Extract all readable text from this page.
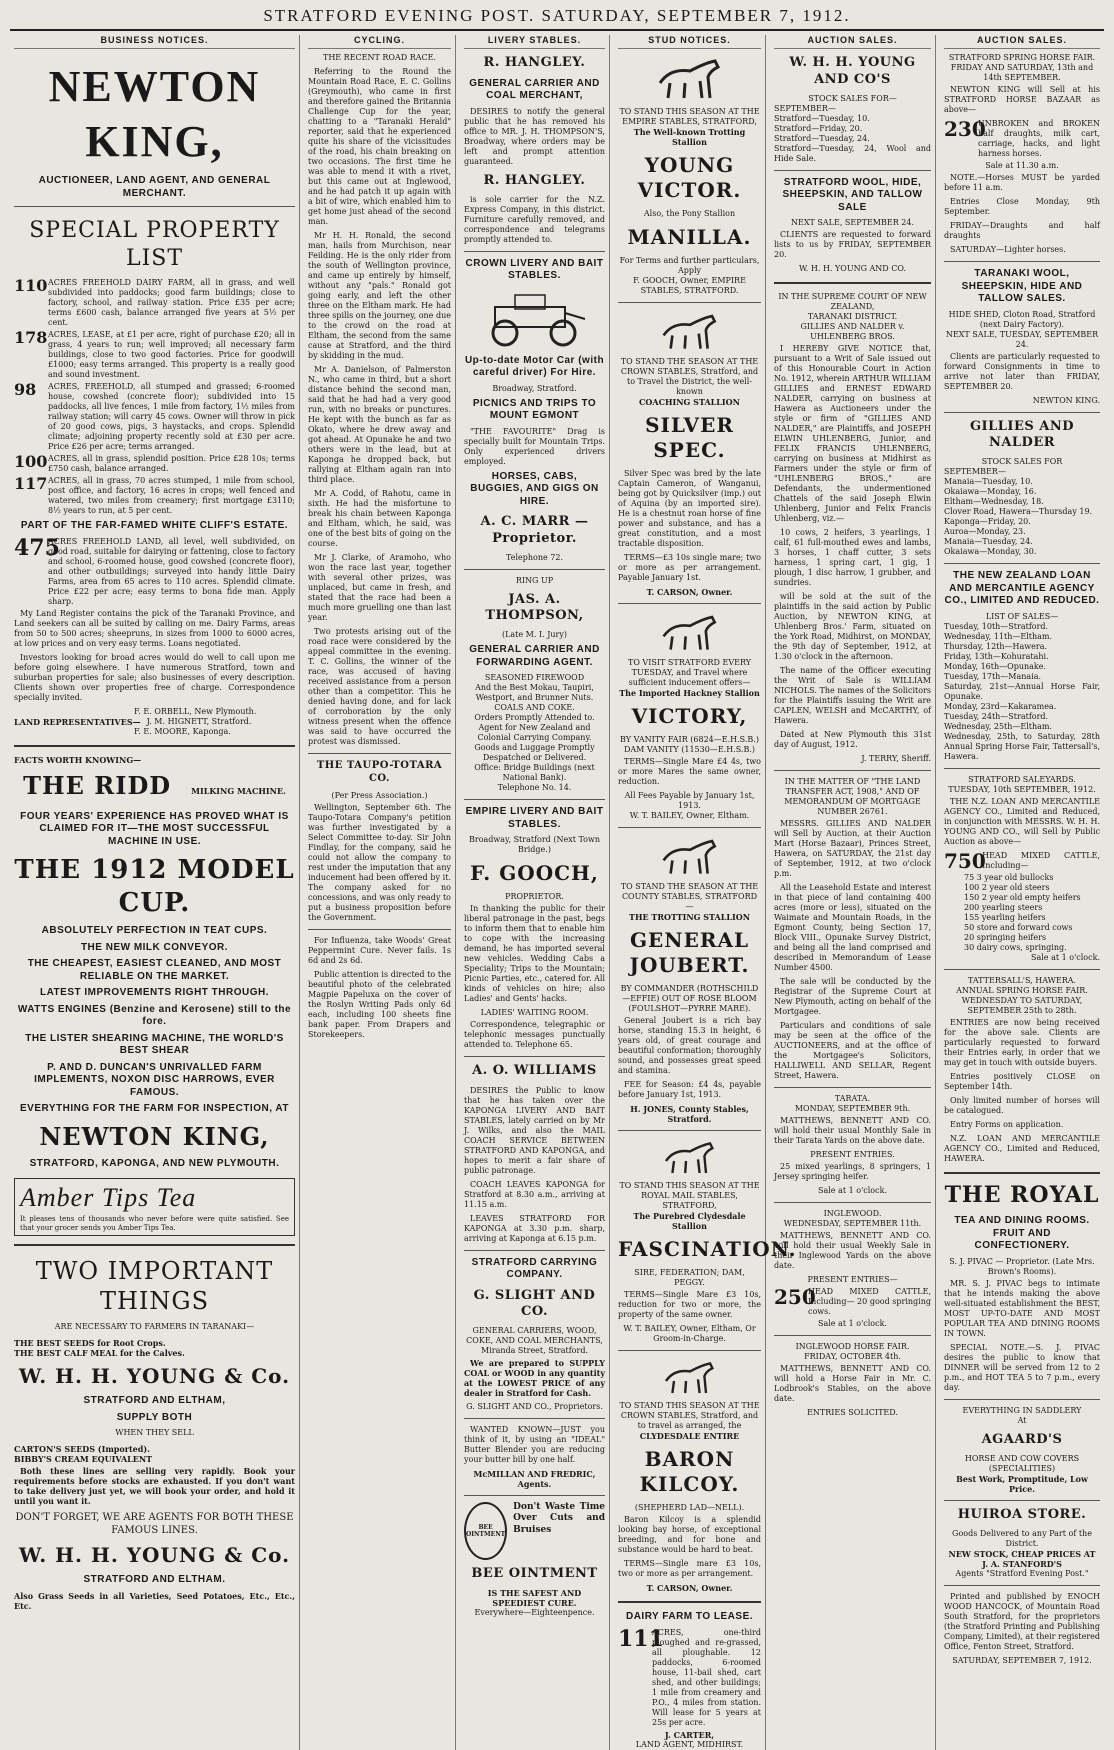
STRATFORD EVENING POST. SATURDAY, SEPTEMBER 7, 1912.
BUSINESS NOTICES.
NEWTON KING,
AUCTIONEER, LAND AGENT, AND GENERAL MERCHANT.
SPECIAL PROPERTY LIST
110 ACRES FREEHOLD DAIRY FARM, all in grass, and well subdivided into paddocks; good farm buildings; close to factory, school, and railway station. Price £35 per acre; terms £600 cash, balance arranged five years at 5½ per cent.
178 ACRES, LEASE, at £1 per acre, right of purchase £20; all in grass, 4 years to run; well improved; all necessary farm buildings, close to two good factories. Price for goodwill £1000; easy terms arranged. This property is a really good and sound investment.
98	ACRES, FREEHOLD, all stumped and grassed; 6-roomed house, cowshed (concrete floor); subdivided into 15 paddocks, all live fences, 1 mile from factory, 1½ miles from railway station; will carry 45 cows. Owner will throw in pick of 20 good cows, pigs, 3 haystacks, and crops. Splendid climate; adjoining property recently sold at £30 per acre. Price £26 per acre; terms arranged.
100 ACRES, all in grass, splendid position. Price £28 10s; terms £750 cash, balance arranged.
117 ACRES, all in grass, 70 acres stumped, 1 mile from school, post office, and factory, 16 acres in crops; well fenced and watered, two miles from creamery; first mortgage £3110; 8½ years to run, at 5 per cent.
PART OF THE FAR-FAMED WHITE CLIFF'S ESTATE.
475
ACRES FREEHOLD LAND, all level, well subdivided, on good road, suitable for dairying or fattening, close to factory and school, 6-roomed house, good cowshed (concrete floor), and other outbuildings; surveyed into handy little Dairy Farms, area from 65 acres to 110 acres. Splendid climate. Price £22 per acre; easy terms to bona fide man. Apply sharp.
My Land Register contains the pick of the Taranaki Province, and Land seekers can all be suited by calling on me. Dairy Farms, areas from 50 to 500 acres; sheepruns, in sizes from 1000 to 6000 acres, at low prices and on very easy terms. Loans negotiated.
Investors looking for broad acres would do well to call upon me before going elsewhere. I have numerous Stratford, town and suburban properties for sale; also businesses of every description. Clients shown over properties free of charge. Correspondence specially invited.
F. E. ORBELL, New Plymouth.
LAND REPRESENTATIVES— J. M. HIGNETT, Stratford.
F. E. MOORE, Kaponga.
FACTS WORTH KNOWING—
THE RIDD	MILKING MACHINE.
FOUR YEARS' EXPERIENCE HAS PROVED WHAT IS CLAIMED FOR IT—THE MOST SUCCESSFUL MACHINE IN USE.
THE 1912 MODEL CUP.
ABSOLUTELY PERFECTION IN TEAT CUPS.
THE NEW MILK CONVEYOR.
THE CHEAPEST, EASIEST CLEANED, AND MOST RELIABLE ON THE MARKET.
LATEST IMPROVEMENTS RIGHT THROUGH.
WATTS ENGINES (Benzine and Kerosene) still to the fore.
THE LISTER SHEARING MACHINE, THE WORLD'S BEST SHEAR
P. AND D. DUNCAN'S UNRIVALLED FARM IMPLEMENTS, NOXON DISC HARROWS, EVER FAMOUS.
EVERYTHING FOR THE FARM FOR INSPECTION, AT
NEWTON KING,
STRATFORD, KAPONGA, AND NEW PLYMOUTH.
Amber Tips Tea
It pleases tens of thousands who never before were quite satisfied. See that your grocer sends you Amber Tips Tea.
TWO IMPORTANT THINGS
ARE NECESSARY TO FARMERS IN TARANAKI—
THE BEST SEEDS for Root Crops.
THE BEST CALF MEAL for the Calves.
W. H. H. YOUNG & Co.
STRATFORD AND ELTHAM,
SUPPLY BOTH
WHEN THEY SELL
CARTON'S SEEDS (Imported).
BIBBY'S CREAM EQUIVALENT
Both these lines are selling very rapidly. Book your requirements before stocks are exhausted. If you don't want to take delivery just yet, we will book your order, and hold it until you want it.
DON'T FORGET, WE ARE AGENTS FOR BOTH THESE FAMOUS LINES.
W. H. H. YOUNG & Co.
STRATFORD AND ELTHAM.
Also Grass Seeds in all Varieties, Seed Potatoes, Etc., Etc., Etc.
CYCLING.
THE RECENT ROAD RACE.
Referring to the Round the Mountain Road Race, E. C. Gollins (Greymouth), who came in first and therefore gained the Britannia Challenge Cup for the year, chatting to a "Taranaki Herald" reporter, said that he experienced quite his share of the vicissitudes of the road, his chain breaking on two occasions. The first time he was able to mend it with a rivet, but this came out at Inglewood, and he had patch it up again with a bit of wire, which enabled him to get home just ahead of the second man.
Mr H. H. Ronald, the second man, hails from Murchison, near Feilding. He is the only rider from the south of Wellington province, and came up entirely by himself, without any "pals." Ronald got going early, and left the other three on the Eltham mark. He had three spills on the journey, one due to the crowd on the road at Eltham, the second from the same cause at Stratford, and the third by skidding in the mud.
Mr A. Danielson, of Palmerston N., who came in third, but a short distance behind the second man, said that he had had a very good run, with no breaks or punctures. He kept with the bunch as far as Okato, where he drew away and got ahead. At Opunake he and two others were in the lead, but at Kaponga he dropped back, but rallying at Eltham again ran into third place.
Mr A. Codd, of Rahotu, came in sixth. He had the misfortune to break his chain between Kaponga and Eltham, which, he said, was one of the best bits of going on the course.
Mr J. Clarke, of Aramoho, who won the race last year, together with several other prizes, was unplaced, but came in fresh, and stated that the race had been a much more gruelling one than last year.
Two protests arising out of the road race were considered by the appeal committee in the evening. T. C. Gollins, the winner of the race, was accused of having received assistance from a person other than a competitor. This he denied having done, and for lack of corroboration by the only witness present when the offence was said to have occurred the protest was dismissed.
THE TAUPO-TOTARA CO.
(Per Press Association.)
Wellington, September 6th. The Taupo-Totara Company's petition was further investigated by a Select Committee to-day. Sir John Findlay, for the company, said he could not allow the company to rest under the imputation that any inducement had been offered by it. The company asked for no concessions, and was only ready to put a business proposition before the Government.
For Influenza, take Woods' Great Peppermint Cure. Never fails. 1s 6d and 2s 6d.
Public attention is directed to the beautiful photo of the celebrated Magpie Papeluxa on the cover of the Roslyn Writing Pads only 6d each, including 100 sheets fine bank paper. From Drapers and Storekeepers.
LIVERY STABLES.
R. HANGLEY.
GENERAL CARRIER AND COAL MERCHANT,
DESIRES to notify the general public that he has removed his office to MR. J. H. THOMPSON'S, Broadway, where orders may be left and prompt attention guaranteed.
R. HANGLEY.
is sole carrier for the N.Z. Express Company, in this district. Furniture carefully removed, and correspondence and telegrams promptly attended to.
CROWN LIVERY AND BAIT STABLES.
Up-to-date Motor Car (with careful driver) For Hire.
Broadway, Stratford.
PICNICS AND TRIPS TO MOUNT EGMONT
"THE FAVOURITE" Drag is specially built for Mountain Trips. Only experienced drivers employed.
HORSES, CABS, BUGGIES, AND GIGS ON HIRE.
A. C. MARR — Proprietor.
Telephone 72.
RING UP
JAS. A. THOMPSON,
(Late M. I. Jury)
GENERAL CARRIER AND FORWARDING AGENT.
SEASONED FIREWOOD
And the Best Mokau, Taupiri, Westport, and Brunner Nuts.
COALS AND COKE.
Orders Promptly Attended to.
Agent for New Zealand and Colonial Carrying Company.
Goods and Luggage Promptly Despatched or Delivered.
Office: Bridge Buildings (next National Bank).
Telephone No. 14.
EMPIRE LIVERY AND BAIT STABLES.
Broadway, Stratford (Next Town Bridge.)
F. GOOCH,
PROPRIETOR.
In thanking the public for their liberal patronage in the past, begs to inform them that to enable him to cope with the increasing demand, he has imported several new vehicles. Wedding Cabs a Speciality; Trips to the Mountain; Picnic Parties, etc., catered for. All kinds of vehicles on hire; also Ladies' and Gents' hacks.
LADIES' WAITING ROOM.
Correspondence, telegraphic or telephonic messages punctually attended to. Telephone 65.
A. O. WILLIAMS
DESIRES the Public to know that he has taken over the KAPONGA LIVERY AND BAIT STABLES, lately carried on by Mr J. Wilks, and also the MAIL COACH SERVICE BETWEEN STRATFORD AND KAPONGA, and hopes to merit a fair share of public patronage.
COACH LEAVES KAPONGA for Stratford at 8.30 a.m., arriving at 11.15 a.m.
LEAVES STRATFORD FOR KAPONGA at 3.30 p.m. sharp, arriving at Kaponga at 6.15 p.m.
STRATFORD CARRYING COMPANY.
G. SLIGHT AND CO.
GENERAL CARRIERS, WOOD, COKE, AND COAL MERCHANTS,
Miranda Street, Stratford.
We are prepared to SUPPLY COAL or WOOD in any quantity at the LOWEST PRICE of any dealer in Stratford for Cash.
G. SLIGHT AND CO., Proprietors.
WANTED KNOWN—JUST you think of it, by using an "IDEAL" Butter Blender you are reducing your butter bill by one half.
McMILLAN AND FREDRIC, Agents.
BEE OINTMENT
Don't Waste Time Over Cuts and Bruises
BEE OINTMENT
IS THE SAFEST AND SPEEDIEST CURE.
Everywhere—Eighteenpence.
STUD NOTICES.
TO STAND THIS SEASON AT THE EMPIRE STABLES, STRATFORD,
The Well-known Trotting Stallion
YOUNG VICTOR.
Also, the Pony Stallion
MANILLA.
For Terms and further particulars, Apply
F. GOOCH, Owner, EMPIRE STABLES, STRATFORD.
TO STAND THE SEASON AT THE CROWN STABLES, Stratford, and to Travel the District, the well-known
COACHING STALLION
SILVER SPEC.
Silver Spec was bred by the late Captain Cameron, of Wanganui, being got by Quicksilver (imp.) out of Aquina (by an imported sire). He is a chestnut roan horse of fine power and substance, and has a great constitution, and a most tractable disposition.
TERMS—£3 10s single mare; two or more as per arrangement. Payable January 1st.
T. CARSON, Owner.
TO VISIT STRATFORD EVERY TUESDAY, and Travel where sufficient inducement offers—
The Imported Hackney Stallion
VICTORY,
BY VANITY FAIR (6824—E.H.S.B.) DAM VANITY (11530—E.H.S.B.)
TERMS—Single Mare £4 4s, two or more Mares the same owner, reduction.
All Fees Payable by January 1st, 1913.
W. T. BAILEY, Owner, Eltham.
TO STAND THE SEASON AT THE COUNTY STABLES, STRATFORD—
THE TROTTING STALLION
GENERAL JOUBERT.
BY COMMANDER (ROTHSCHILD—EFFIE) OUT OF ROSE BLOOM (FOULSHOT—PYRRE MARE).
General Joubert is a rich bay horse, standing 15.3 in height, 6 years old, of great courage and beautiful conformation; thoroughly sound, and possesses great speed and stamina.
FEE for Season: £4 4s, payable before January 1st, 1913.
H. JONES, County Stables, Stratford.
TO STAND THIS SEASON AT THE ROYAL MAIL STABLES, STRATFORD,
The Purebred Clydesdale Stallion
FASCINATION.
SIRE, FEDERATION; DAM, PEGGY.
TERMS—Single Mare £3 10s, reduction for two or more, the property of the same owner.
W. T. BAILEY, Owner, Eltham, Or Groom-in-Charge.
TO STAND THIS SEASON AT THE CROWN STABLES, Stratford, and to travel as arranged, the
CLYDESDALE ENTIRE
BARON KILCOY.
(SHEPHERD LAD—NELL).
Baron Kilcoy is a splendid looking bay horse, of exceptional breeding, and for bone and substance would be hard to beat.
TERMS—Single mare £3 10s, two or more as per arrangement.
T. CARSON, Owner.
DAIRY FARM TO LEASE.
111
ACRES, one-third ploughed and re-grassed, all ploughable. 12 paddocks, 6-roomed house, 11-bail shed, cart shed, and other buildings; 1 mile from creamery and P.O., 4 miles from station. Will lease for 5 years at 25s per acre.
J. CARTER,
LAND AGENT, MIDHIRST.
AUCTION SALES.
W. H. H. YOUNG AND CO'S
STOCK SALES FOR—
SEPTEMBER—
Stratford—Tuesday, 10.
Stratford—Friday, 20.
Stratford—Tuesday, 24.
Stratford—Tuesday, 24, Wool and Hide Sale.
STRATFORD WOOL, HIDE, SHEEPSKIN, AND TALLOW SALE
NEXT SALE, SEPTEMBER 24.
CLIENTS are requested to forward lists to us by FRIDAY, SEPTEMBER 20.
W. H. H. YOUNG AND CO.
IN THE SUPREME COURT OF NEW ZEALAND,
TARANAKI DISTRICT.
GILLIES AND NALDER v. UHLENBERG BROS.
I HEREBY GIVE NOTICE that, pursuant to a Writ of Sale issued out of this Honourable Court in Action No. 1912, wherein ARTHUR WILLIAM GILLIES and ERNEST EDWARD NALDER, carrying on business at Hawera as Auctioneers under the style or firm of "GILLIES AND NALDER," are Plaintiffs, and JOSEPH ELWIN UHLENBERG, Junior, and FELIX FRANCIS UHLENBERG, carrying on business at Midhirst as Farmers under the style or firm of "UHLENBERG BROS.," are Defendants, the undermentioned Chattels of the said Joseph Elwin Uhlenberg, Junior and Felix Francis Uhlenberg, viz.—
10 cows, 2 heifers, 3 yearlings, 1 calf, 61 full-mouthed ewes and lambs, 3 horses, 1 chaff cutter, 3 sets harness, 1 spring cart, 1 gig, 1 plough, 1 disc harrow, 1 grubber, and sundries.
will be sold at the suit of the plaintiffs in the said action by Public Auction, by NEWTON KING, at Uhlenberg Bros.' Farm, situated on the York Road, Midhirst, on MONDAY, the 9th day of September, 1912, at 1.30 o'clock in the afternoon.
The name of the Officer executing the Writ of Sale is WILLIAM NICHOLS. The names of the Solicitors for the Plaintiffs issuing the Writ are CAPLEN, WELSH and McCARTHY, of Hawera.
Dated at New Plymouth this 31st day of August, 1912.
J. TERRY, Sheriff.
IN THE MATTER OF "THE LAND TRANSFER ACT, 1908," AND OF MEMORANDUM OF MORTGAGE NUMBER 26761.
MESSRS. GILLIES AND NALDER will Sell by Auction, at their Auction Mart (Horse Bazaar), Princes Street, Hawera, on SATURDAY, the 21st day of September, 1912, at two o'clock p.m.
All the Leasehold Estate and interest in that piece of land containing 400 acres (more or less), situated on the Waimate and Mountain Roads, in the Egmont County, being Section 17, Block VIII., Opunake Survey District, and being all the land comprised and described in Memorandum of Lease Number 4500.
The sale will be conducted by the Registrar of the Supreme Court at New Plymouth, acting on behalf of the Mortgagee.
Particulars and conditions of sale may be seen at the office of the AUCTIONEERS, and at the office of the Mortgagee's Solicitors, HALLIWELL AND SELLAR, Regent Street, Hawera.
TARATA.
MONDAY, SEPTEMBER 9th.
MATTHEWS, BENNETT AND CO. will hold their usual Monthly Sale in their Tarata Yards on the above date.
PRESENT ENTRIES.
25 mixed yearlings, 8 springers, 1 Jersey springing heifer.
Sale at 1 o'clock.
INGLEWOOD.
WEDNESDAY, SEPTEMBER 11th.
MATTHEWS, BENNETT AND CO. will hold their usual Weekly Sale in their Inglewood Yards on the above date.
PRESENT ENTRIES—
250
HEAD MIXED CATTLE, Including— 20 good springing cows.
Sale at 1 o'clock.
INGLEWOOD HORSE FAIR.
FRIDAY, OCTOBER 4th.
MATTHEWS, BENNETT AND CO. will hold a Horse Fair in Mr. C. Lodbrook's Stables, on the above date.
ENTRIES SOLICITED.
AUCTION SALES.
STRATFORD SPRING HORSE FAIR.
FRIDAY AND SATURDAY, 13th and 14th SEPTEMBER.
NEWTON KING will Sell at his STRATFORD HORSE BAZAAR as above—
230
UNBROKEN and BROKEN half draughts, milk cart, carriage, hacks, and light harness horses.
Sale at 11.30 a.m.
NOTE.—Horses MUST be yarded before 11 a.m.
Entries Close Monday, 9th September.
FRIDAY—Draughts and half draughts
SATURDAY—Lighter horses.
TARANAKI WOOL, SHEEPSKIN, HIDE AND TALLOW SALES.
HIDE SHED, Cloton Road, Stratford (next Dairy Factory).
NEXT SALE, TUESDAY, SEPTEMBER 24.
Clients are particularly requested to forward Consignments in time to arrive not later than FRIDAY, SEPTEMBER 20.
NEWTON KING.
GILLIES AND NALDER
STOCK SALES FOR
SEPTEMBER—
Manaia—Tuesday, 10.
Okaiawa—Monday, 16.
Eltham—Wednesday, 18.
Clover Road, Hawera—Thursday 19.
Kaponga—Friday, 20.
Auroa—Monday, 23.
Manaia—Tuesday, 24.
Okaiawa—Monday, 30.
THE NEW ZEALAND LOAN AND MERCANTILE AGENCY CO., LIMITED AND REDUCED.
LIST OF SALES—
Tuesday, 10th—Stratford.
Wednesday, 11th—Eltham.
Thursday, 12th—Hawera.
Friday, 13th—Kohuratahi.
Monday, 16th—Opunake.
Tuesday, 17th—Manaia.
Saturday, 21st—Annual Horse Fair, Opunake.
Monday, 23rd—Kakaramea.
Tuesday, 24th—Stratford.
Wednesday, 25th—Eltham.
Wednesday, 25th, to Saturday, 28th Annual Spring Horse Fair, Tattersall's, Hawera.
STRATFORD SALEYARDS.
TUESDAY, 10th SEPTEMBER, 1912.
THE N.Z. LOAN AND MERCANTILE AGENCY CO., Limited and Reduced, in conjunction with MESSRS. W. H. H. YOUNG AND CO., will Sell by Public Auction as above—
750
HEAD MIXED CATTLE, Including—
75 3 year old bullocks
100 2 year old steers
150 2 year old empty heifers
200 yearling steers
155 yearling heifers
50 store and forward cows
20 springing heifers
30 dairy cows, springing.
Sale at 1 o'clock.
TATTERSALL'S, HAWERA.
ANNUAL SPRING HORSE FAIR.
WEDNESDAY TO SATURDAY, SEPTEMBER 25th to 28th.
ENTRIES are now being received for the above sale. Clients are particularly requested to forward their Entries early, in order that we may get in touch with outside buyers.
Entries positively CLOSE on September 14th.
Only limited number of horses will be catalogued.
Entry Forms on application.
N.Z. LOAN AND MERCANTILE AGENCY CO., Limited and Reduced, HAWERA.
THE ROYAL
TEA AND DINING ROOMS. FRUIT AND CONFECTIONERY.
S. J. PIVAC — Proprietor. (Late Mrs. Brown's Rooms).
MR. S. J. PIVAC begs to intimate that he intends making the above well-situated establishment the BEST, MOST UP-TO-DATE AND MOST POPULAR TEA AND DINING ROOMS IN TOWN.
SPECIAL NOTE.—S. J. PIVAC desires the public to know that DINNER will be served from 12 to 2 p.m., and HOT TEA 5 to 7 p.m., every day.
EVERYTHING IN SADDLERY
At
AGAARD'S
HORSE AND COW COVERS (SPECIALITIES)
Best Work, Promptitude, Low Price.
HUIROA STORE.
Goods Delivered to any Part of the District.
NEW STOCK, CHEAP PRICES AT
J. A. STANFORD'S
Agents "Stratford Evening Post."
Printed and published by ENOCH WOOD HANCOCK, of Mountain Road South Stratford, for the proprietors (the Stratford Printing and Publishing Company, Limited), at their registered Office, Fenton Street, Stratford.
SATURDAY, SEPTEMBER 7, 1912.
